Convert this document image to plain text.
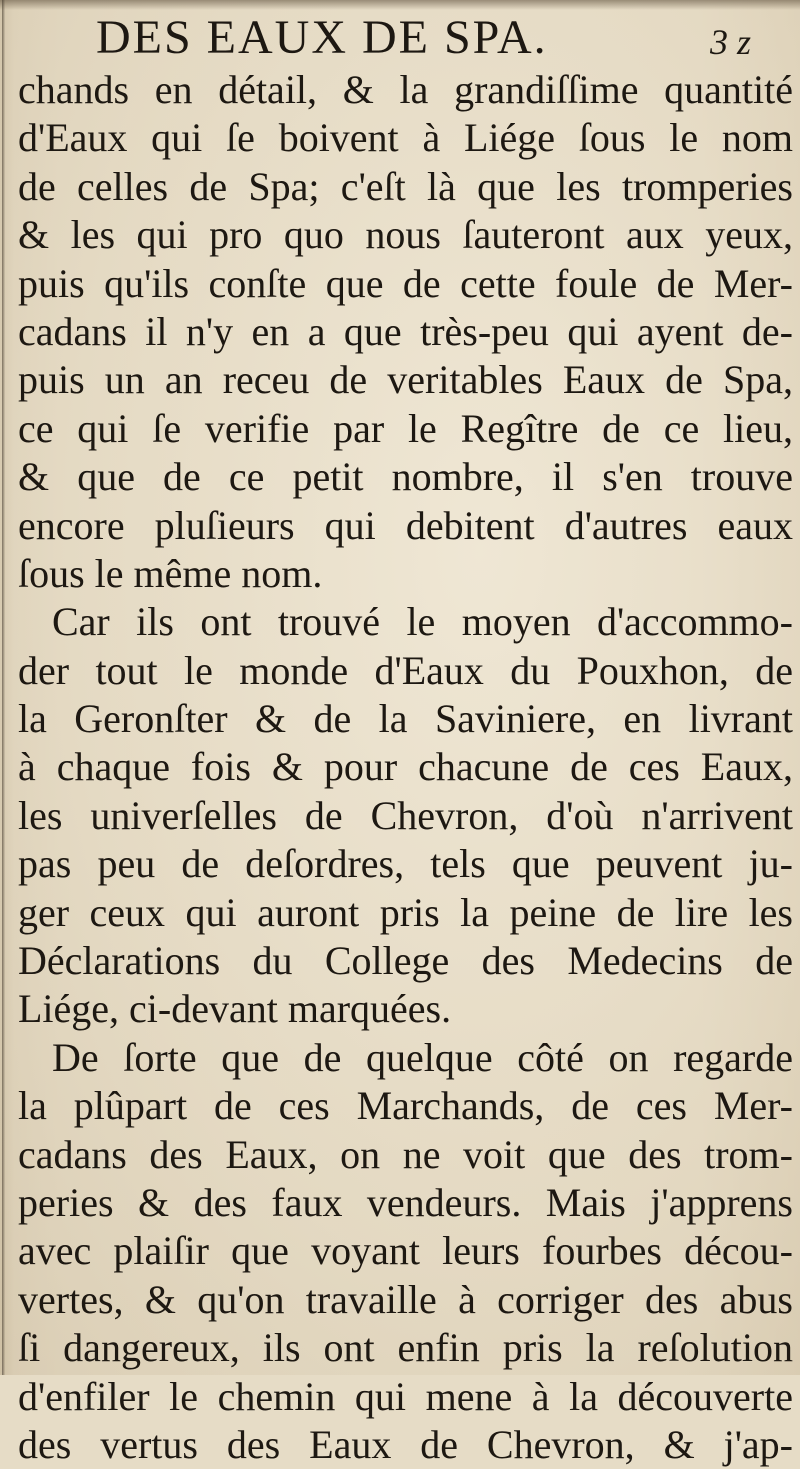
DES EAUX DE SPA.	3 z
chands en détail, & la grandiſſime quantité
d'Eaux qui ſe boivent à Liége ſous le nom
de celles de Spa; c'eſt là que les tromperies
& les qui pro quo nous ſauteront aux yeux,
puis qu'ils conſte que de cette foule de Mer-
cadans il n'y en a que très-peu qui ayent de-
puis un an receu de veritables Eaux de Spa,
ce qui ſe verifie par le Regître de ce lieu,
& que de ce petit nombre, il s'en trouve
encore pluſieurs qui debitent d'autres eaux
ſous le même nom.
Car ils ont trouvé le moyen d'accommo-
der tout le monde d'Eaux du Pouxhon, de
la Geronſter & de la Saviniere, en livrant
à chaque fois & pour chacune de ces Eaux,
les univerſelles de Chevron, d'où n'arrivent
pas peu de deſordres, tels que peuvent ju-
ger ceux qui auront pris la peine de lire les
Déclarations du College des Medecins de
Liége, ci-devant marquées.
De ſorte que de quelque côté on regarde
la plûpart de ces Marchands, de ces Mer-
cadans des Eaux, on ne voit que des trom-
peries & des faux vendeurs. Mais j'apprens
avec plaiſir que voyant leurs fourbes décou-
vertes, & qu'on travaille à corriger des abus
ſi dangereux, ils ont enfin pris la reſolution
d'enfiler le chemin qui mene à la découverte
des vertus des Eaux de Chevron, & j'ap-
